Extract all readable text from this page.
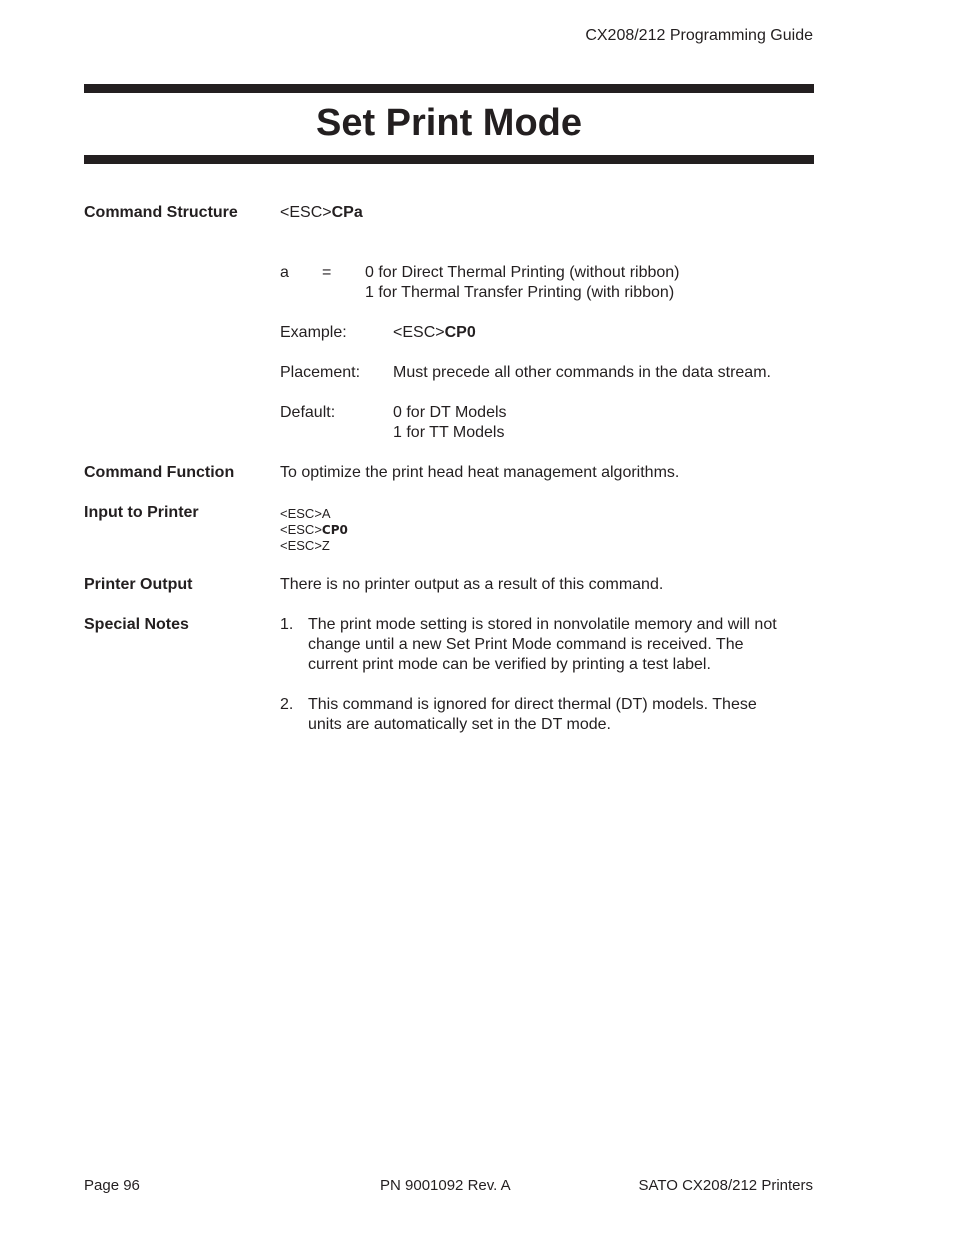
CX208/212 Programming Guide
Set Print Mode
Command Structure	<ESC>CPa
a = 0 for Direct Thermal Printing (without ribbon)
1 for Thermal Transfer Printing (with ribbon)
Example:	<ESC>CP0
Placement: Must precede all other commands in the data stream.
Default:	0 for DT Models
1 for TT Models
Command Function	To optimize the print head heat management algorithms.
Input to Printer	<ESC>A
<ESC>CP0
<ESC>Z
Printer Output	There is no printer output as a result of this command.
Special Notes	1. The print mode setting is stored in nonvolatile memory and will not
change until a new Set Print Mode command is received. The
current print mode can be verified by printing a test label.
2. This command is ignored for direct thermal (DT) models. These
units are automatically set in the DT mode.
Page 96	PN 9001092 Rev. A	SATO CX208/212 Printers
